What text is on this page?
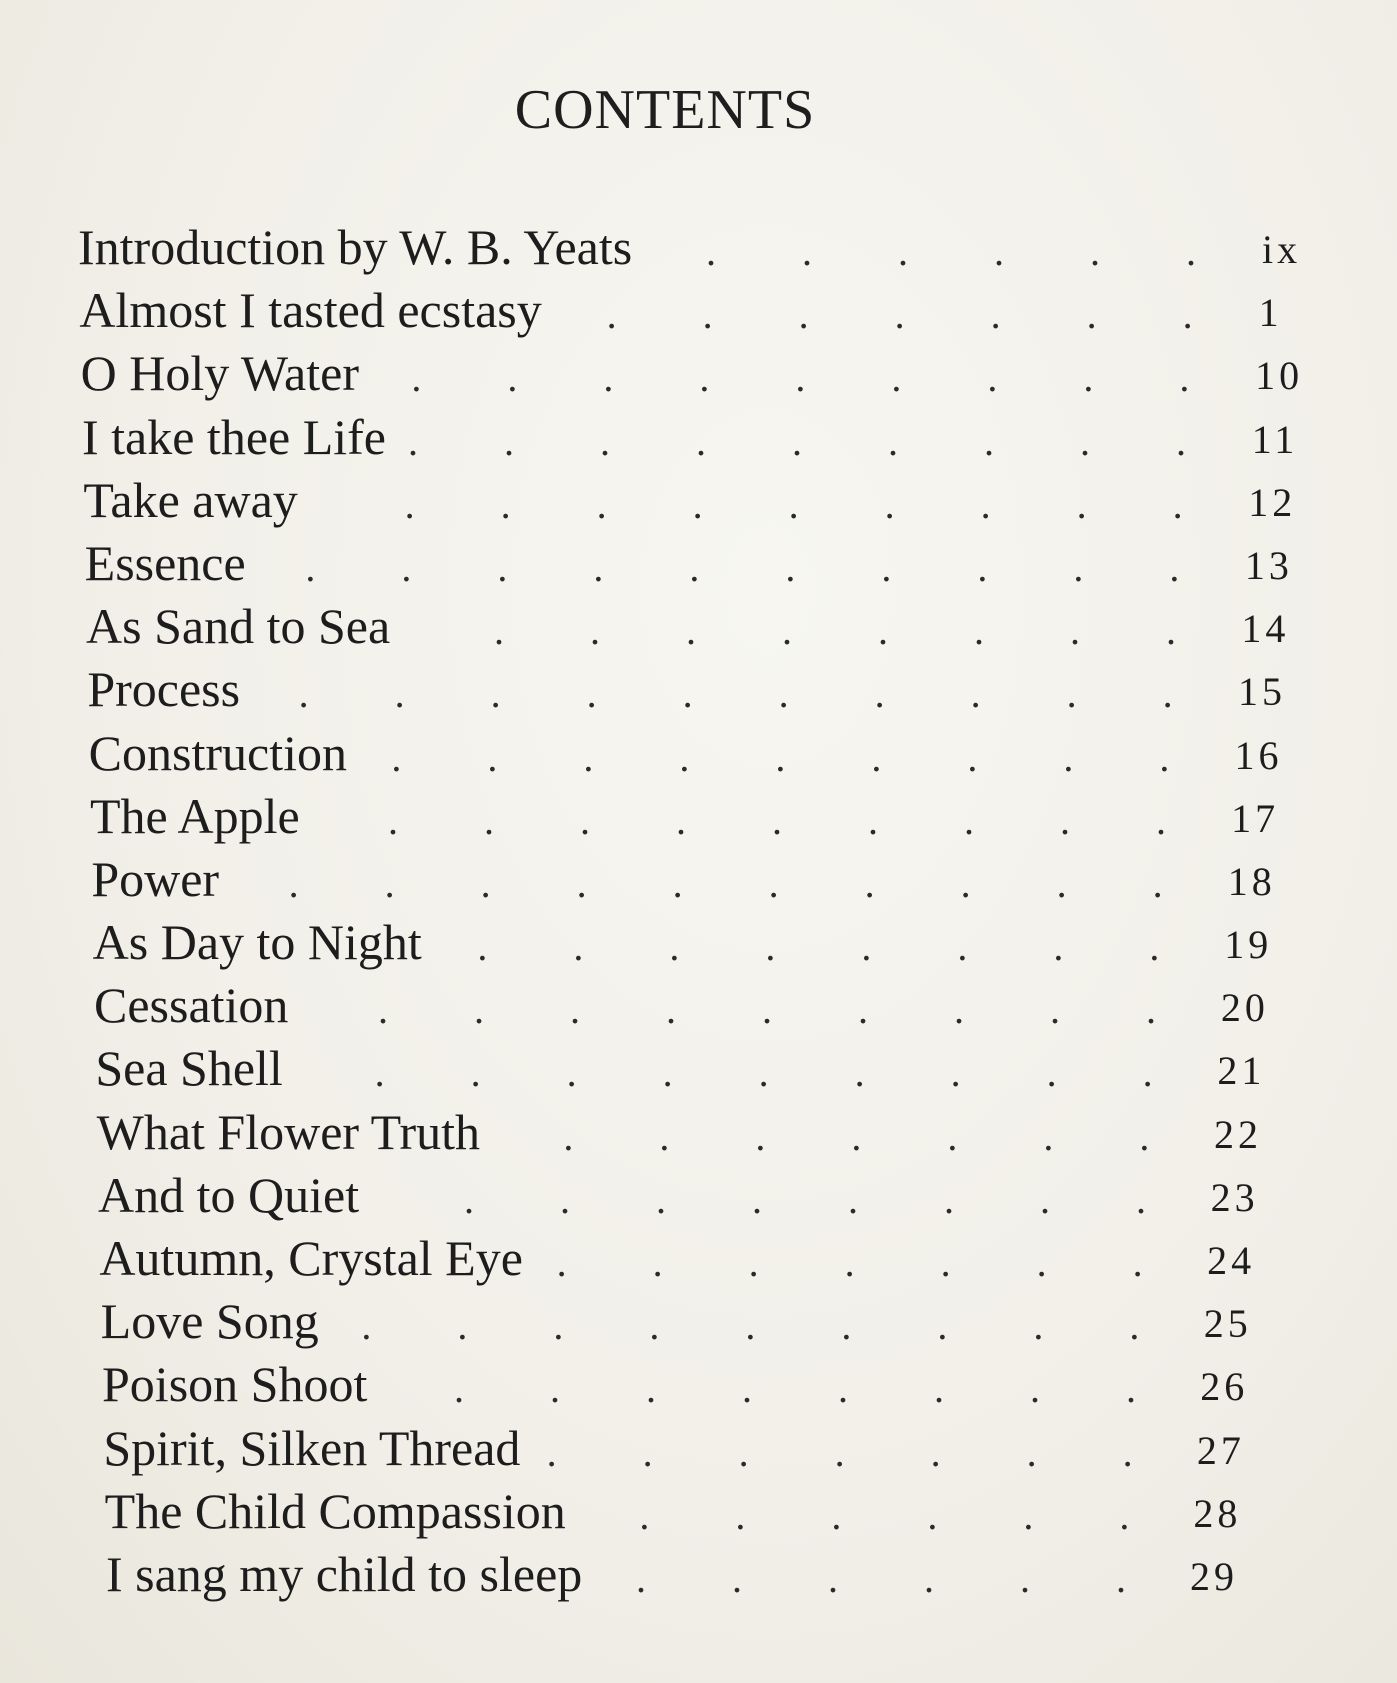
CONTENTS
Introduction by W. B. Yeats . . . . . . ix
Almost I tasted ecstasy . . . . . . . 1
O Holy Water . . . . . . . . . 10
I take thee Life . . . . . . . . . 11
Take away	. . . . . . . . . 12
Essence . . . . . . . . . . 13
As Sand to Sea	. . . . . . . . 14
Process . . . . . . . . . . 15
Construction . . . . . . . . . 16
The Apple . . . . . . . . . 17
Power . . . . . . . . . . 18
As Day to Night . . . . . . . . 19
Cessation . . . . . . . . . 20
Sea Shell . . . . . . . . . 21
What Flower Truth . . . . . . . 22
And to Quiet	. . . . . . . . 23
Autumn, Crystal Eye . . . . . . . 24
Love Song . . . . . . . . . 25
Poison Shoot . . . . . . . . 26
Spirit, Silken Thread . . . . . . . 27
The Child Compassion . . . . . . 28
I sang my child to sleep . . . . . . 29
